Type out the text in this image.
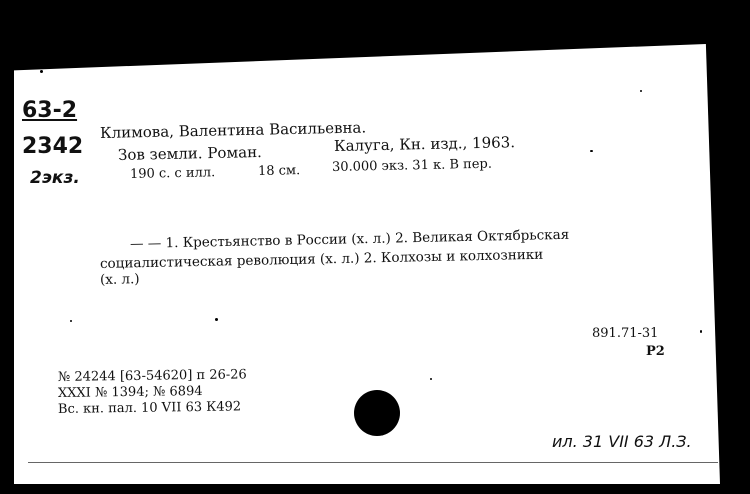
63-2
2342
2экз.
Климова, Валентина Васильевна.
Зов земли. Роман.	Калуга, Кн. изд., 1963.
190 с. с илл.	18 см. 30.000 экз. 31 к. В пер.
— — 1. Крестьянство в России (х. л.) 2. Великая Октябрьская
социалистическая революция (х. л.) 2. Колхозы и колхозники
(х. л.)
891.71-31
Р2
№ 24244 [63-54620] п 26-26
XXXI № 1394; № 6894
Вс. кн. пал. 10 VII 63 К492
ил. 31 VII 63 Л.З.
